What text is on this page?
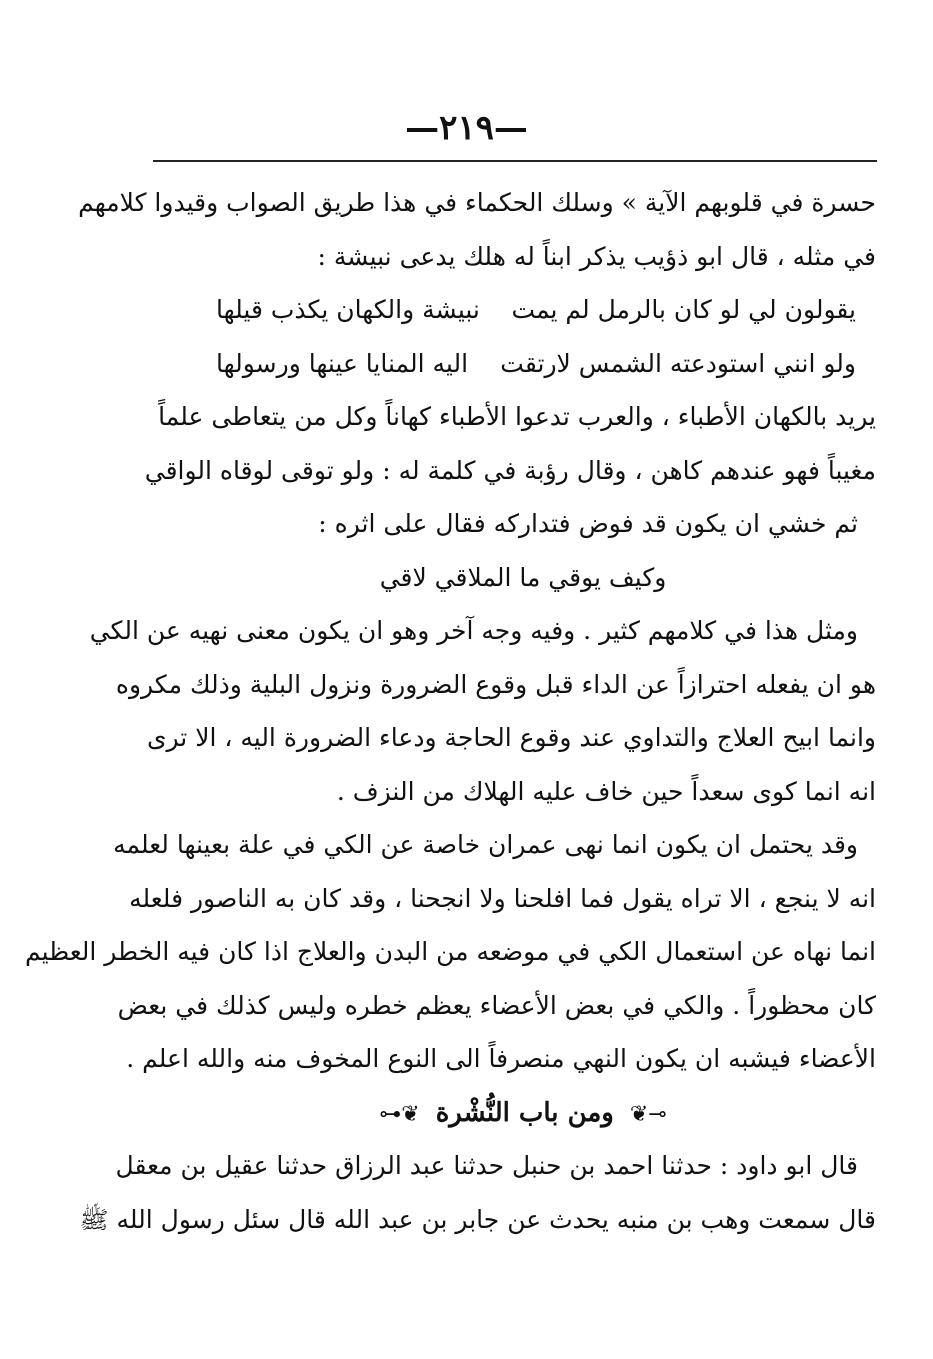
—٢١٩—
حسرة في قلوبهم الآية » وسلك الحكماء في هذا طريق الصواب وقيدوا كلامهم
في مثله ، قال ابو ذؤيب يذكر ابناً له هلك يدعى نبيشة :
يقولون لي لو كان بالرمل لم يمت
نبيشة والكهان يكذب قيلها
ولو انني استودعته الشمس لارتقت
اليه المنايا عينها ورسولها
يريد بالكهان الأطباء ، والعرب تدعوا الأطباء كهاناً وكل من يتعاطى علماً
مغيباً فهو عندهم كاهن ، وقال رؤبة في كلمة له : ولو توقى لوقاه الواقي
ثم خشي ان يكون قد فوض فتداركه فقال على اثره :
وكيف يوقي ما الملاقي لاقي
ومثل هذا في كلامهم كثير . وفيه وجه آخر وهو ان يكون معنى نهيه عن الكي
هو ان يفعله احترازاً عن الداء قبل وقوع الضرورة ونزول البلية وذلك مكروه
وانما ابيح العلاج والتداوي عند وقوع الحاجة ودعاء الضرورة اليه ، الا ترى
انه انما كوى سعداً حين خاف عليه الهلاك من النزف .
وقد يحتمل ان يكون انما نهى عمران خاصة عن الكي في علة بعينها لعلمه
انه لا ينجع ، الا تراه يقول فما افلحنا ولا انجحنا ، وقد كان به الناصور فلعله
انما نهاه عن استعمال الكي في موضعه من البدن والعلاج اذا كان فيه الخطر العظيم
كان محظوراً . والكي في بعض الأعضاء يعظم خطره وليس كذلك في بعض
الأعضاء فيشبه ان يكون النهي منصرفاً الى النوع المخوف منه والله اعلم .
⊸❦ ومن باب النُّشْرة ❦⊷
قال ابو داود : حدثنا احمد بن حنبل حدثنا عبد الرزاق حدثنا عقيل بن معقل
قال سمعت وهب بن منبه يحدث عن جابر بن عبد الله قال سئل رسول الله ﷺ
